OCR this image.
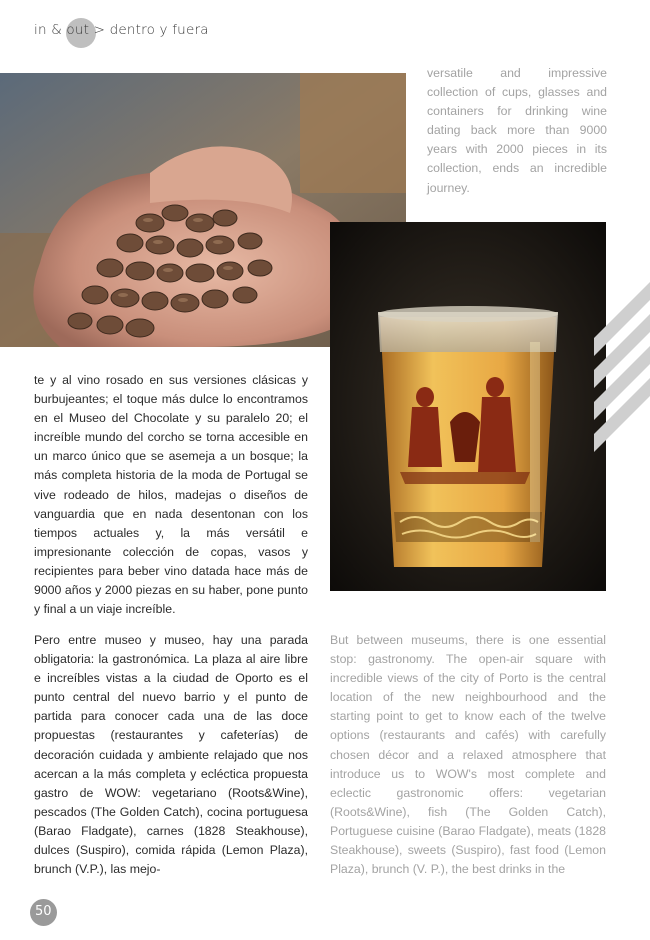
in & out > dentro y fuera
versatile and impressive collection of cups, glasses and containers for drinking wine dating back more than 9000 years with 2000 pieces in its collection, ends an incredible journey.
te y al vino rosado en sus versiones clásicas y burbujeantes; el toque más dulce lo encontramos en el Museo del Chocolate y su paralelo 20; el increíble mundo del corcho se torna accesible en un marco único que se asemeja a un bosque; la más completa historia de la moda de Portugal se vive rodeado de hilos, madejas o diseños de vanguardia que en nada desentonan con los tiempos actuales y, la más versátil e impresionante colección de copas, vasos y recipientes para beber vino datada hace más de 9000 años y 2000 piezas en su haber, pone punto y final a un viaje increíble.
Pero entre museo y museo, hay una parada obligatoria: la gastronómica. La plaza al aire libre e increíbles vistas a la ciudad de Oporto es el punto central del nuevo barrio y el punto de partida para conocer cada una de las doce propuestas (restaurantes y cafeterías) de decoración cuidada y ambiente relajado que nos acercan a la más completa y ecléctica propuesta gastro de WOW: vegetariano (Roots&Wine), pescados (The Golden Catch), cocina portuguesa (Barao Fladgate), carnes (1828 Steakhouse), dulces (Suspiro), comida rápida (Lemon Plaza), brunch (V.P.), las mejo-
But between museums, there is one essential stop: gastronomy. The open-air square with incredible views of the city of Porto is the central location of the new neighbourhood and the starting point to get to know each of the twelve options (restaurants and cafés) with carefully chosen décor and a relaxed atmosphere that introduce us to WOW's most complete and eclectic gastronomic offers: vegetarian (Roots&Wine), fish (The Golden Catch), Portuguese cuisine (Barao Fladgate), meats (1828 Steakhouse), sweets (Suspiro), fast food (Lemon Plaza), brunch (V. P.), the best drinks in the
50
